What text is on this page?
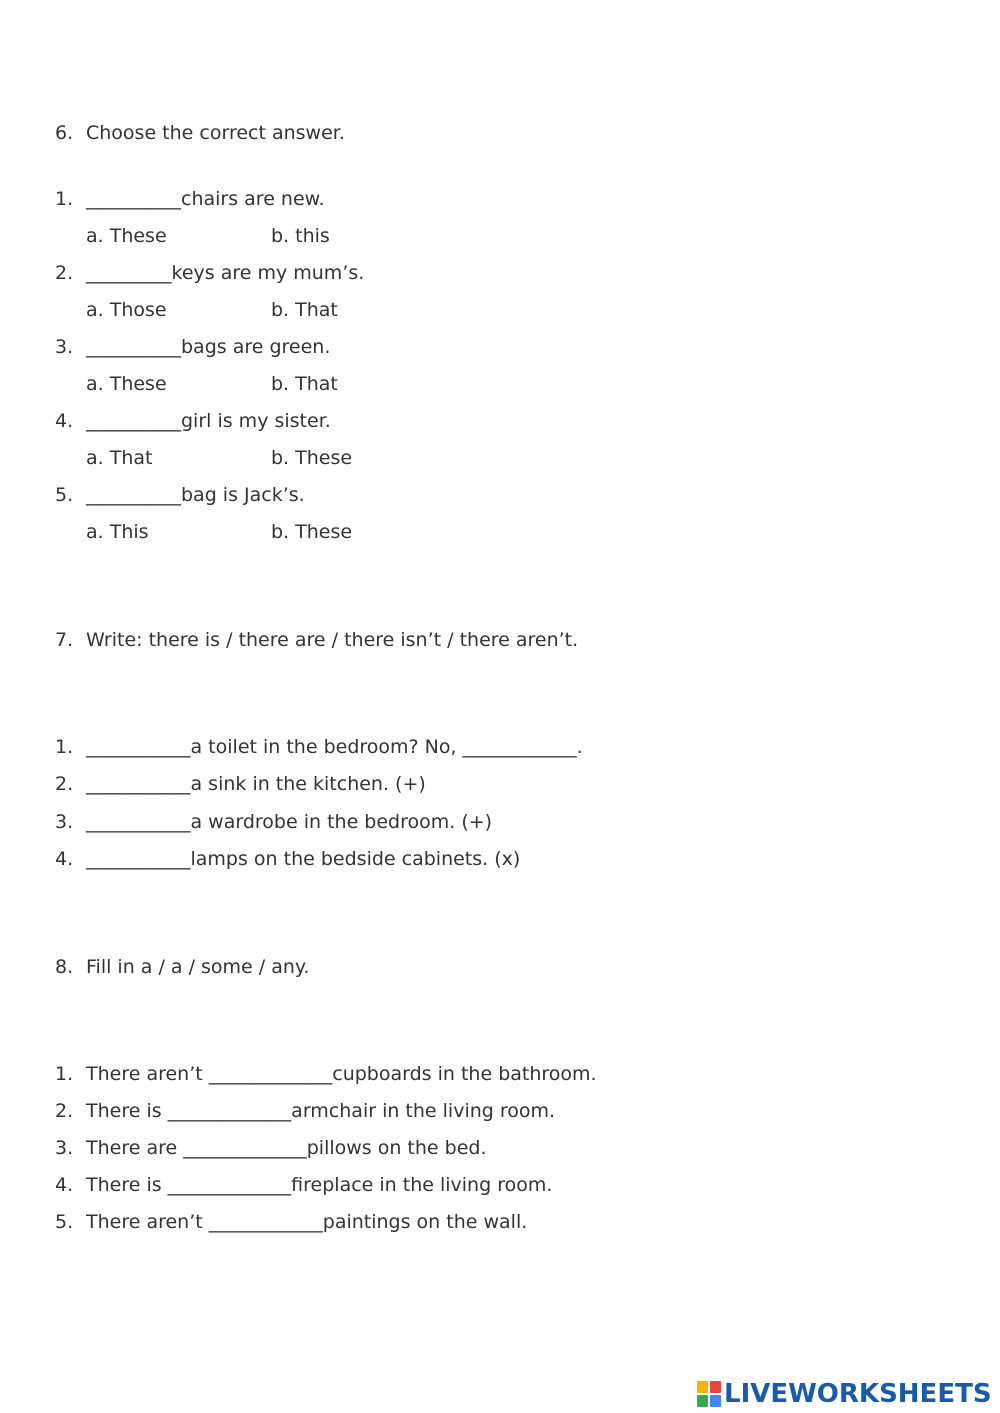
6. Choose the correct answer.
1. __________chairs are new.
a. These	b. this
2. _________keys are my mum’s.
a. Those	b. That
3. __________bags are green.
a. These	b. That
4. __________girl is my sister.
a. That	b. These
5. __________bag is Jack’s.
a. This	b. These
7. Write: there is / there are / there isn’t / there aren’t.
1. ___________a toilet in the bedroom? No, ____________.
2. ___________a sink in the kitchen. (+)
3. ___________a wardrobe in the bedroom. (+)
4. ___________lamps on the bedside cabinets. (x)
8. Fill in a / a / some / any.
1. There aren’t _____________cupboards in the bathroom.
2. There is _____________armchair in the living room.
3. There are _____________pillows on the bed.
4. There is _____________fireplace in the living room.
5. There aren’t ____________paintings on the wall.
LIVEWORKSHEETS
